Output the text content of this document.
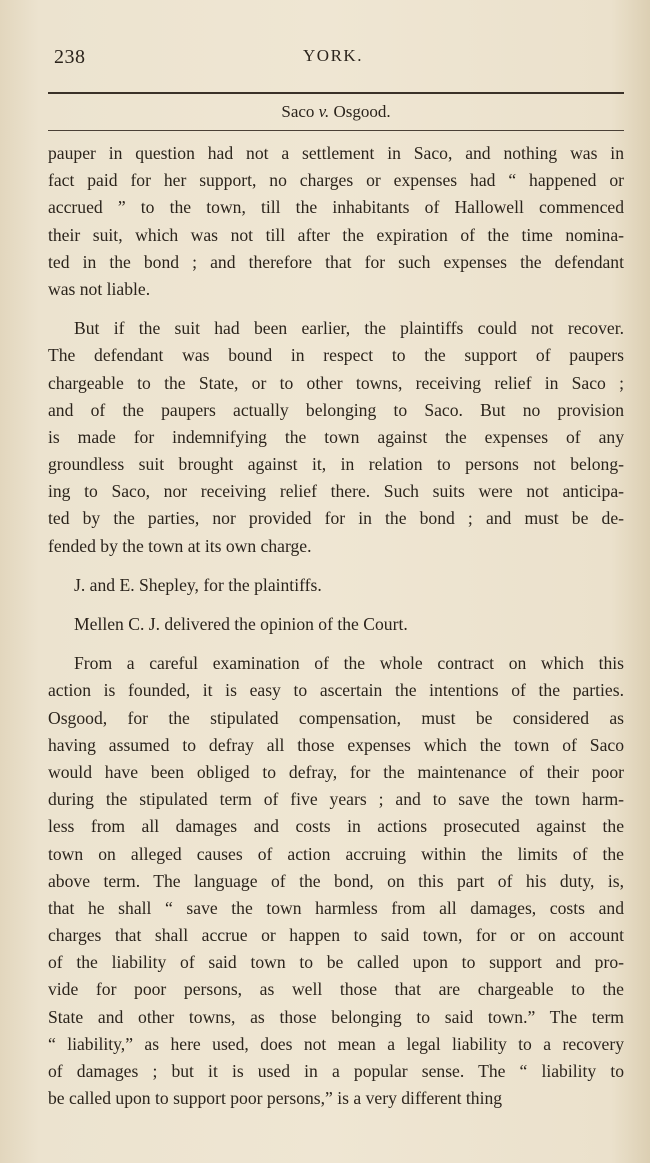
238	YORK.
Saco v. Osgood.
pauper in question had not a settlement in Saco, and nothing was in
fact paid for her support, no charges or expenses had “ happened or
accrued ” to the town, till the inhabitants of Hallowell commenced
their suit, which was not till after the expiration of the time nomina-
ted in the bond ; and therefore that for such expenses the defendant
was not liable.
But if the suit had been earlier, the plaintiffs could not recover.
The defendant was bound in respect to the support of paupers
chargeable to the State, or to other towns, receiving relief in Saco ;
and of the paupers actually belonging to Saco. But no provision
is made for indemnifying the town against the expenses of any
groundless suit brought against it, in relation to persons not belong-
ing to Saco, nor receiving relief there. Such suits were not anticipa-
ted by the parties, nor provided for in the bond ; and must be de-
fended by the town at its own charge.
J. and E. Shepley, for the plaintiffs.
Mellen C. J. delivered the opinion of the Court.
From a careful examination of the whole contract on which this
action is founded, it is easy to ascertain the intentions of the parties.
Osgood, for the stipulated compensation, must be considered as
having assumed to defray all those expenses which the town of Saco
would have been obliged to defray, for the maintenance of their poor
during the stipulated term of five years ; and to save the town harm-
less from all damages and costs in actions prosecuted against the
town on alleged causes of action accruing within the limits of the
above term. The language of the bond, on this part of his duty, is,
that he shall “ save the town harmless from all damages, costs and
charges that shall accrue or happen to said town, for or on account
of the liability of said town to be called upon to support and pro-
vide for poor persons, as well those that are chargeable to the
State and other towns, as those belonging to said town.” The term
“ liability,” as here used, does not mean a legal liability to a recovery
of damages ; but it is used in a popular sense. The “ liability to
be called upon to support poor persons,” is a very different thing
